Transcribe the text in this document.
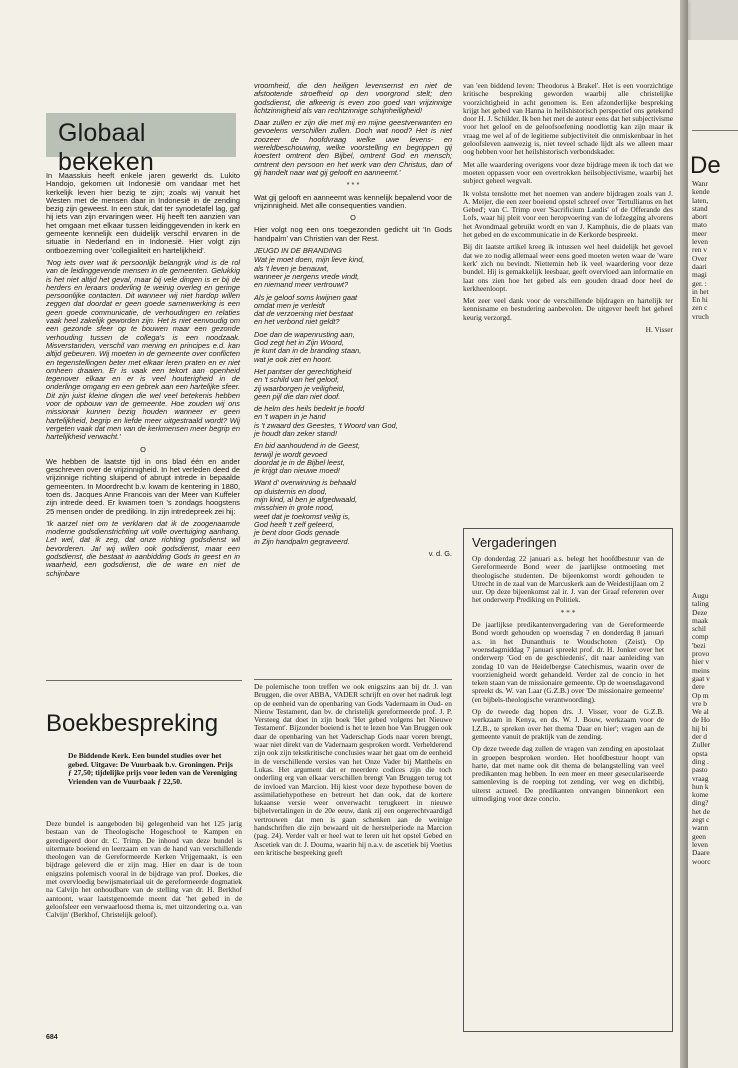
Globaal bekeken

In Maassluis heeft enkele jaren gewerkt ds. Lukito Handojo, gekomen uit Indonesië om vandaar met het kerkelijk leven hier bezig te zijn; zoals wij vanuit het Westen met de mensen daar in Indonesië in de zending bezig zijn geweest. In een stuk, dat ter synodetafel lag, gaf hij iets van zijn ervaringen weer. Hij heeft ten aanzien van het omgaan met elkaar tussen leidinggevenden in kerk en gemeente kennelijk een duidelijk verschil ervaren in de situatie in Nederland en in Indonesië. Hier volgt zijn ontboezeming over 'collegialiteit en hartelijkheid'.

'Nog iets over wat ik persoonlijk belangrijk vind is de rol van de leidinggevende mensen in de gemeenten. Gelukkig is het niet altijd het geval, maar bij vele dingen is er bij de herders en leraars onderling te weinig overleg en geringe persoonlijke contacten. Dit wanneer wij niet hardop willen zeggen dat doordat er geen goede samenwerking is een geen goede communicatie, de verhoudingen en relaties vaak heel zakelijk geworden zijn. Het is niet eenvoudig om een gezonde sfeer op te bouwen maar een gezonde verhouding tussen de collega's is een noodzaak. Misverstanden, verschil van mening en principes e.d. kan altijd gebeuren. Wij moeten in de gemeente over conflicten en tegenstellingen beter met elkaar leren praten en er niet omheen draaien. Er is vaak een tekort aan openheid tegenover elkaar en er is veel houterigheid in de onderlinge omgang en een gebrek aan een hartelijke sfeer. Dit zijn juist kleine dingen die wel veel betekenis hebben voor de opbouw van de gemeente. Hoe zouden wij ons missionair kunnen bezig houden wanneer er geen hartelijkheid, begrip en liefde meer uitgestraald wordt? Wij vergeten vaak dat men van de kerkmensen meer begrip en hartelijkheid verwacht.'

O

We hebben de laatste tijd in ons blad één en ander geschreven over de vrijzinnigheid. In het verleden deed de vrijzinnige richting sluipend of abrupt intrede in bepaalde gemeenten. In Moordrecht b.v. kwam de kentering in 1880, toen ds. Jacques Anne Francois van der Meer van Kuffeler zijn intrede deed. Er kwamen toen 's zondags hoogstens 25 mensen onder de prediking. In zijn intredepreek zei hij:

'Ik aarzel niet om te verklaren dat ik de zoogenaamde moderne godsdienstrichting uit volle overtuiging aanhang. Let wel, dat ik zeg, dat onze richting godsdienst wil bevorderen. Ja! wij willen ook godsdienst, maar een godsdienst, die bestaat in aanbidding Gods in geest en in waarheid, een godsdienst, die de ware en niet de schijnbare

vroomheid, die den heiligen levensernst en niet de afstootende stroefheid op den voorgrond stelt; den godsdienst, die afkeerig is even zoo goed van vrijzinnige lichtzinnigheid als van rechtzinnige schijnheiligheid!

Daar zullen er zijn die met mij en mijne geestverwanten en gevoelens verschillen zullen. Doch wat nood? Het is niet zoozeer de hoofdvraag welke uwe levens- en wereldbeschouwing, welke voorstelling en begrippen gij koestert omtrent den Bijbel, omtrent God en mensch; omtrent den persoon en het werk van den Christus, dan of gij handelt naar wat gij gelooft en aanneemt.'

* * *

Wat gij gelooft en aanneemt was kennelijk bepalend voor de vrijzinnigheid. Met alle consequenties vandien.

O

Hier volgt nog een ons toegezonden gedicht uit 'In Gods handpalm' van Christien van der Rest.

JEUGD IN DE BRANDING

Wat je moet doen, mijn lieve kind,
als 't leven je benauwt,
wanneer je nergens vrede vindt,
en niemand meer vertrouwt?

Als je geloof soms kwijnen gaat
omdat men je verleidt
dat de verzoening niet bestaat
en het verbond niet geldt?

Doe dan de wapenrusting aan,
God zegt het in Zijn Woord,
je kunt dan in de branding staan,
wat je ook ziet en hoort.

Het pantser der gerechtigheid
en 't schild van het geloof,
zij waarborgen je veiligheid,
geen pijl die dan niet doof.

de helm des heils bedekt je hoofd
en 't wapen in je hand
is 't zwaard des Geestes, 't Woord van God,
je houdt dan zeker stand!

En bid aanhoudend in de Geest,
terwijl je wordt gevoed
doordat je in de Bijbel leest,
je krijgt dan nieuwe moed!

Want d' overwinning is behaald
op duisternis en dood,
mijn kind, al ben je afgedwaald,
misschien in grote nood,
weet dat je toekomst veilig is,
God heeft 't zelf geleerd,
je bent door Gods genade
in Zijn handpalm gegraveerd.

v. d. G.

van 'een biddend leven: Theodorus à Brakel'. Het is een voorzichtige kritische bespreking geworden waarbij alle christelijke voorzichtigheid in acht genomen is. Een afzonderlijke bespreking krijgt het gebed van Hanna in heilshistorisch perspectief ons getekend door H. J. Schilder. Ik ben het met de auteur eens dat het subjectivisme voor het geloof en de geloofsoefening noodlottig kan zijn maar ik vraag me wel af of de legitieme subjectiviteit die onmiskenbaar in het geloofsleven aanwezig is, niet teveel schade lijdt als we alleen maar oog hebben voor het heilshistorisch verbondskader.

Met alle waardering overigens voor deze bijdrage meen ik toch dat we moeten oppassen voor een overtrokken heilsobjectivisme, waarbij het subject geheel wegvalt.

Ik volsta tenslotte met het noemen van andere bijdragen zoals van J. A. Meijer, die een zeer boeiend opstel schreef over 'Tertullianus en het Gebed'; van C. Trimp over 'Sacrificium Laudis' of de Offerande des Lofs, waar hij pleit voor een heropvoering van de lofzegging alvorens het Avondmaal gebruikt wordt en van J. Kamphuis, die de plaats van het gebed en de excommunicatie in de Kerkorde bespreekt.

Bij dit laatste artikel kreeg ik intussen wel heel duidelijk het gevoel dat we zo nodig allemaal weer eens goed moeten weten waar de 'ware kerk' zich nu bevindt. Niettemin heb ik veel waardering voor deze bundel. Hij is gemakkelijk leesbaar, geeft overvloed aan informatie en laat ons zien hoe het gebed als een gouden draad door heel de kerkheenloopt.

Met zeer veel dank voor de verschillende bijdragen en hartelijk ter kennisname en bestudering aanbevolen. De uitgever heeft het geheel keurig verzorgd.

H. Visser
Vergaderingen

Op donderdag 22 januari a.s. belegt het hoofdbestuur van de Gereformeerde Bond weer de jaarlijkse ontmoeting met theologische studenten. De bijeenkomst wordt gehouden te Utrecht in de zaal van de Marcuskerk aan de Weidestijlaan om 2 uur. Op deze bijeenkomst zal ir. J. van der Graaf refereren over het onderwerp Prediking en Politiek.

* * *

De jaarlijkse predikantenvergadering van de Gereformeerde Bond wordt gehouden op woensdag 7 en donderdag 8 januari a.s. in het Dunanthuis te Woudschoten (Zeist). Op woensdagmiddag 7 januari spreekt prof. dr. H. Jonker over het onderwerp 'God en de geschiedenis', dit naar aanleiding van zondag 10 van de Heidelbergse Catechismus, waarin over de voorzienigheid wordt gehandeld. Verder zal de concio in het teken staan van de missionaire gemeente. Op de woensdagavond spreekt ds. W. van Laar (G.Z.B.) over 'De missionaire gemeente' (en bijbels-theologische verantwoording).

Op de tweede dag hopen drs. J. Visser, voor de G.Z.B. werkzaam in Kenya, en ds. W. J. Bouw, werkzaam voor de I.Z.B., te spreken over het thema 'Daar en hier'; vragen aan de gemeente vanuit de praktijk van de zending.

Op deze tweede dag zullen de vragen van zending en apostolaat in groepen besproken worden. Het hoofdbestuur hoopt van harte, dat met name ook dit thema de belangstelling van veel predikanten mag hebben. In een meer en meer geseculariseerde samenleving is de roeping tot zending, ver weg en dichtbij, uiterst actueel. De predikanten ontvangen binnenkort een uitnodiging voor deze concio.

Boekbespreking
De Biddende Kerk. Een bundel studies over het gebed. Uitgave: De Vuurbaak b.v. Groningen. Prijs ƒ 27,50; tijdelijke prijs voor leden van de Vereniging Vrienden van de Vuurbaak ƒ 22,50.

Deze bundel is aangeboden bij gelegenheid van het 125 jarig bestaan van de Theologische Hogeschool te Kampen en geredigeerd door dr. C. Trimp. De inhoud van deze bundel is uitermate boeiend en leerzaam en van de hand van verschillende theologen van de Gereformeerde Kerken Vrijgemaakt, is een bijdrage geleverd die er zijn mag. Hier en daar is de toon enigszins polemisch vooral in de bijdrage van prof. Doekes, die met overvloedig bewijsmateriaal uit de gereformeerde dogmatiek na Calvijn het onhoudbare van de stelling van dr. H. Berkhof aantoont, waar laatstgenoemde meent dat 'het gebed in de geloofsleer een verwaarloosd thema is, met uitzondering o.a. van Calvijn' (Berkhof, Christelijk geloof).

De polemische toon treffen we ook enigszins aan bij dr. J. van Bruggen, die over ABBA, VADER schrijft en over het nadruk legt op de eenheid van de openbaring van Gods Vadernaam in Oud- en Nieuw Testament, dan bv. de christelijk gereformeerde prof. J. P. Versteeg dat doet in zijn boek 'Het gebed volgens het Nieuwe Testament'. Bijzonder boeiend is het te lezen hoe Van Bruggen ook daar de openbaring van het Vaderschap Gods naar voren brengt, waar niet direkt van de Vadernaam gesproken wordt. Verhelderend zijn ook zijn tekstkritische conclusies waar het gaat om de eenheid in de verschillende versies van het Onze Vader bij Mattheüs en Lukas. Het argument dat er meerdere codices zijn die toch onderling erg van elkaar verschillen brengt Van Bruggen terug tot de invloed van Marcion. Hij kiest voor deze hypothese boven de assimilatiehypothese en betreurt het dan ook, dat de kortere lukaanse versie weer onverwacht terugkeert in nieuwe bijbelvertalingen in de 20e eeuw, dank zij een ongerechtvaardigd vertrouwen dat men is gaan schenken aan de weinige handschriften die zijn bewaard uit de herstelperiode na Marcion (pag. 24). Verder valt er heel wat te leren uit het opstel Gebed en Ascetiek van dr. J. Douma, waarin hij n.a.v. de ascetiek bij Voetius een kritische bespreking geeft

684
De
Wanr
kende
laten,
stand
abort
mato
meer
leven
ren v
Over
daari
magi
ger. :
in het
En hi
zen c
vruch
Augu
taling
Deze
maak
schil
comp
'bezi
provo
hier v
meins
gaat v
dere
Op m
vre b
We al
de Ho
hij bi
der d
Zuller
opsta
ding .
pasto
vraag
hun k
kome
ding?
het de
zegt c
wann
geen
leven
Daare
woorc
